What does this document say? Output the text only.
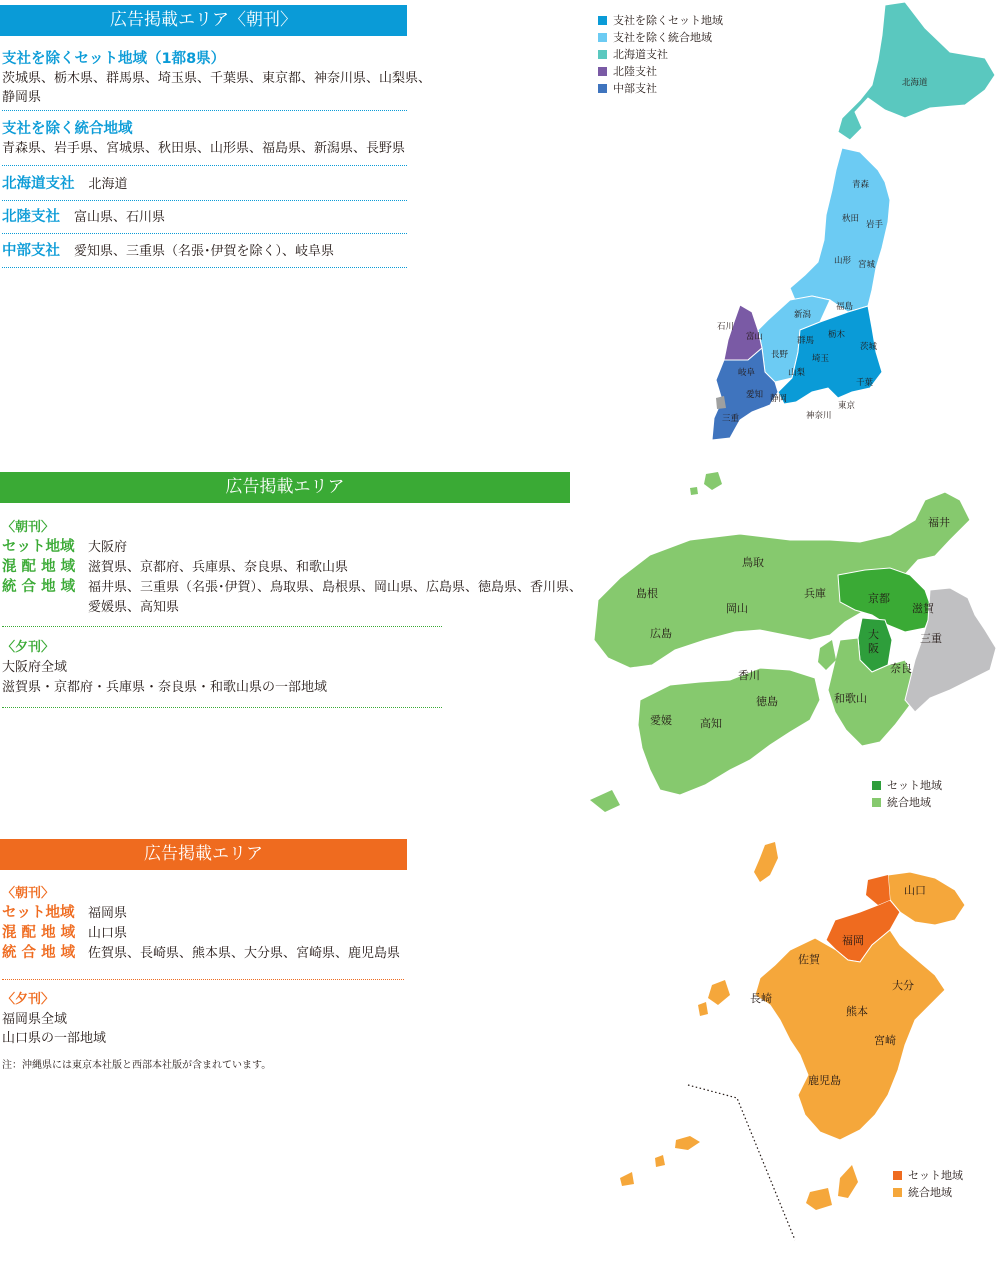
広告掲載エリア〈朝刊〉
支社を除くセット地域（1都8県）
茨城県、栃木県、群馬県、埼玉県、千葉県、東京都、神奈川県、山梨県、
静岡県
支社を除く統合地域
青森県、岩手県、宮城県、秋田県、山形県、福島県、新潟県、長野県
北海道支社 北海道
北陸支社 富山県、石川県
中部支社 愛知県、三重県（名張･伊賀を除く）、岐阜県
支社を除くセット地域
支社を除く統合地域
北海道支社
北陸支社
中部支社	北海道
青森
秋田
岩手
山形 宮城
福島
新潟
栃木
群馬
長野	埼玉
富山
石川
山梨
岐阜
愛知 静岡
三重
東京
神奈川
千葉
茨城
広告掲載エリア
〈朝刊〉
セット地域	大阪府
混 配 地 域 滋賀県、京都府、兵庫県、奈良県、和歌山県
統 合 地 域 福井県、三重県（名張･伊賀）、鳥取県、島根県、岡山県、広島県、徳島県、香川県、
愛媛県、高知県
〈夕刊〉
大阪府全域
滋賀県・京都府・兵庫県・奈良県・和歌山県の一部地域
福井
鳥取
島根	兵庫	京都
滋賀
岡山
広島	大阪
三重
奈良
香川
徳島	和歌山
愛媛	高知
セット地域
統合地域
広告掲載エリア
〈朝刊〉
セット地域	福岡県
混 配 地 域 山口県
統 合 地 域 佐賀県、長崎県、熊本県、大分県、宮崎県、鹿児島県
〈夕刊〉
福岡県全域
山口県の一部地域
注：沖縄県には東京本社版と西部本社版が含まれています。
山口
福岡
佐賀
大分
長崎
熊本
宮崎
鹿児島
セット地域
統合地域
